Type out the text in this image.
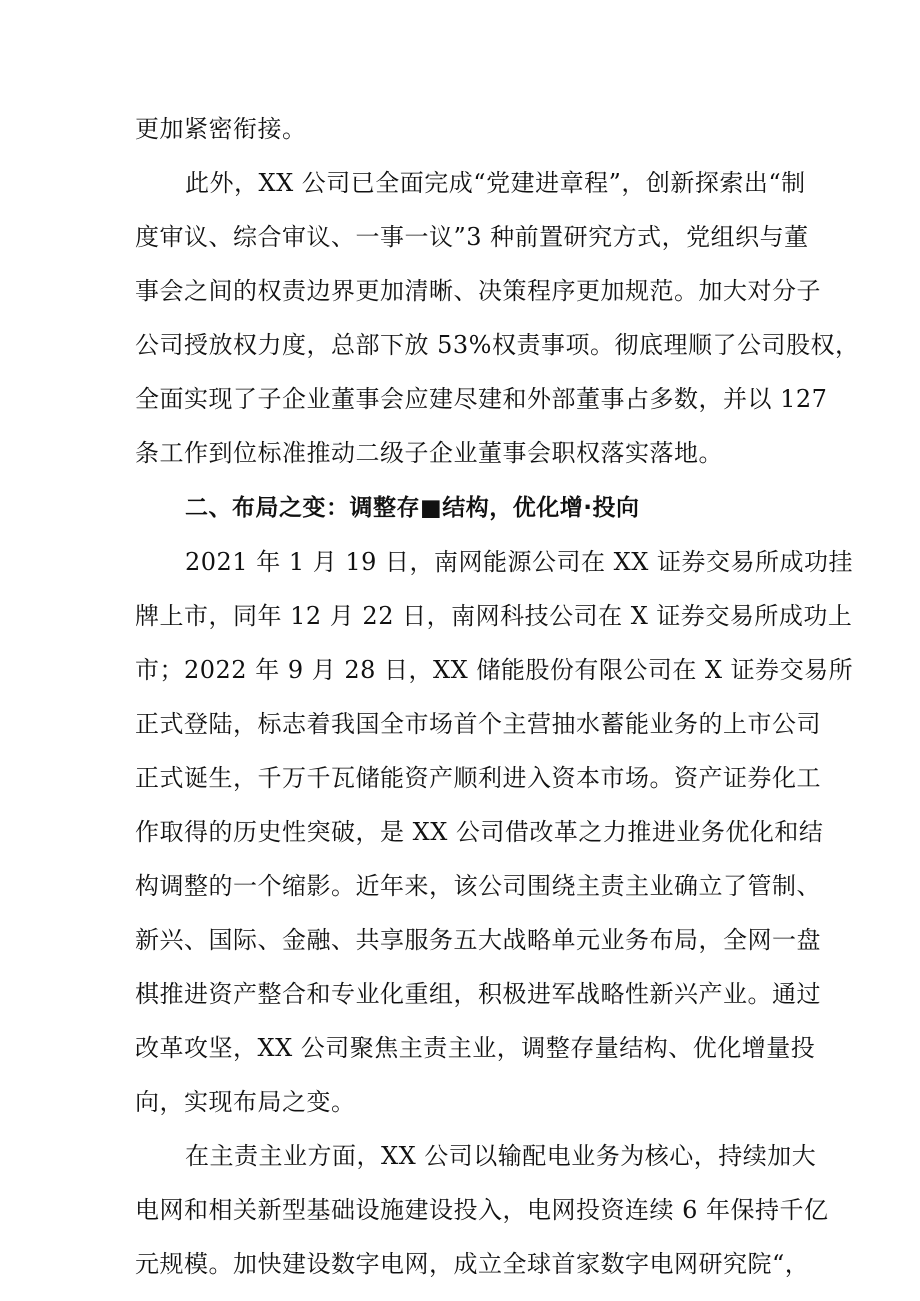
更加紧密衔接。
此外，XX 公司已全面完成“党建进章程”，创新探索出“制
度审议、综合审议、一事一议”3 种前置研究方式，党组织与董
事会之间的权责边界更加清晰、决策程序更加规范。加大对分子
公司授放权力度，总部下放 53%权责事项。彻底理顺了公司股权，
全面实现了子企业董事会应建尽建和外部董事占多数，并以 127
条工作到位标准推动二级子企业董事会职权落实落地。
二、布局之变：调整存■结构，优化增·投向
2021 年 1 月 19 日，南网能源公司在 XX 证券交易所成功挂
牌上市，同年 12 月 22 日，南网科技公司在 X 证券交易所成功上
市；2022 年 9 月 28 日，XX 储能股份有限公司在 X 证券交易所
正式登陆，标志着我国全市场首个主营抽水蓄能业务的上市公司
正式诞生，千万千瓦储能资产顺利进入资本市场。资产证券化工
作取得的历史性突破，是 XX 公司借改革之力推进业务优化和结
构调整的一个缩影。近年来，该公司围绕主责主业确立了管制、
新兴、国际、金融、共享服务五大战略单元业务布局，全网一盘
棋推进资产整合和专业化重组，积极进军战略性新兴产业。通过
改革攻坚，XX 公司聚焦主责主业，调整存量结构、优化增量投
向，实现布局之变。
在主责主业方面，XX 公司以输配电业务为核心，持续加大
电网和相关新型基础设施建设投入，电网投资连续 6 年保持千亿
元规模。加快建设数字电网，成立全球首家数字电网研究院“，
